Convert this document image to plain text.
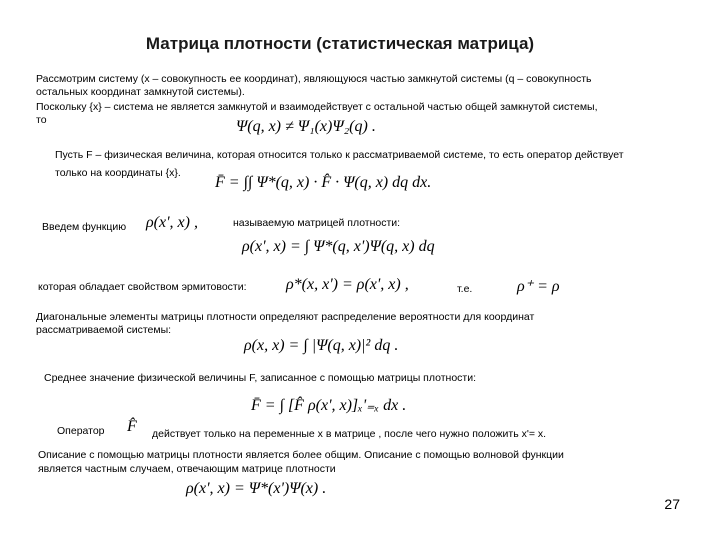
Матрица плотности (статистическая матрица)
Рассмотрим систему (x – совокупность ее координат), являющуюся частью замкнутой системы (q – совокупность
остальных координат замкнутой системы).
Поскольку {x} – система не является замкнутой и взаимодействует с остальной частью общей замкнутой системы,
то	Ψ(q, x) ≠ Ψ₁(x)Ψ₂(q) .
Пусть F – физическая величина, которая относится только к рассматриваемой системе, то есть оператор действует
только на координаты {x}.
F̄ = ∫∫ Ψ*(q, x) · F̂ · Ψ(q, x) dq dx.
Введем функцию ρ(x', x) ,	называемую матрицей плотности:
ρ(x', x) = ∫ Ψ*(q, x')Ψ(q, x) dq
которая обладает свойством эрмитовости: ρ*(x, x') = ρ(x', x) ,	т.е.	ρ⁺ = ρ
Диагональные элементы матрицы плотности определяют распределение вероятности для координат
рассматриваемой системы:
ρ(x, x) = ∫ |Ψ(q, x)|² dq .
Среднее значение физической величины F, записанное с помощью матрицы плотности:
F̄ = ∫ [F̂ ρ(x', x)]ₓ'₌ₓ dx .
Оператор F̂ действует только на переменные х в матрице , после чего нужно положить x'= x.
Описание с помощью матрицы плотности является более общим. Описание с помощью волновой функции
является частным случаем, отвечающим матрице плотности
ρ(x', x) = Ψ*(x')Ψ(x) .
27
